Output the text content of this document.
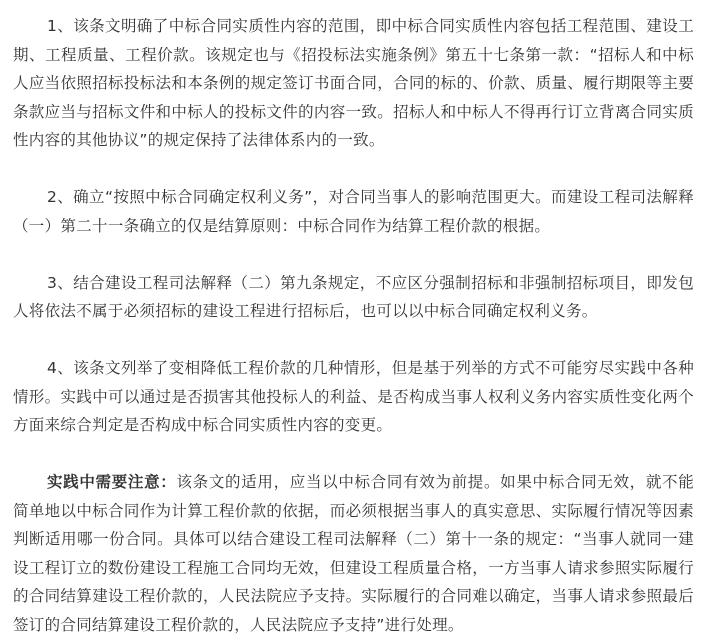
1、该条文明确了中标合同实质性内容的范围，即中标合同实质性内容包括工程范围、建设工期、工程质量、工程价款。该规定也与《招投标法实施条例》第五十七条第一款：“招标人和中标人应当依照招标投标法和本条例的规定签订书面合同，合同的标的、价款、质量、履行期限等主要条款应当与招标文件和中标人的投标文件的内容一致。招标人和中标人不得再行订立背离合同实质性内容的其他协议”的规定保持了法律体系内的一致。

2、确立“按照中标合同确定权利义务”，对合同当事人的影响范围更大。而建设工程司法解释（一）第二十一条确立的仅是结算原则：中标合同作为结算工程价款的根据。

3、结合建设工程司法解释（二）第九条规定，不应区分强制招标和非强制招标项目，即发包人将依法不属于必须招标的建设工程进行招标后，也可以以中标合同确定权利义务。

4、该条文列举了变相降低工程价款的几种情形，但是基于列举的方式不可能穷尽实践中各种情形。实践中可以通过是否损害其他投标人的利益、是否构成当事人权利义务内容实质性变化两个方面来综合判定是否构成中标合同实质性内容的变更。

实践中需要注意：该条文的适用，应当以中标合同有效为前提。如果中标合同无效，就不能简单地以中标合同作为计算工程价款的依据，而必须根据当事人的真实意思、实际履行情况等因素判断适用哪一份合同。具体可以结合建设工程司法解释（二）第十一条的规定：“当事人就同一建设工程订立的数份建设工程施工合同均无效，但建设工程质量合格，一方当事人请求参照实际履行的合同结算建设工程价款的，人民法院应予支持。实际履行的合同难以确定，当事人请求参照最后签订的合同结算建设工程价款的，人民法院应予支持”进行处理。
